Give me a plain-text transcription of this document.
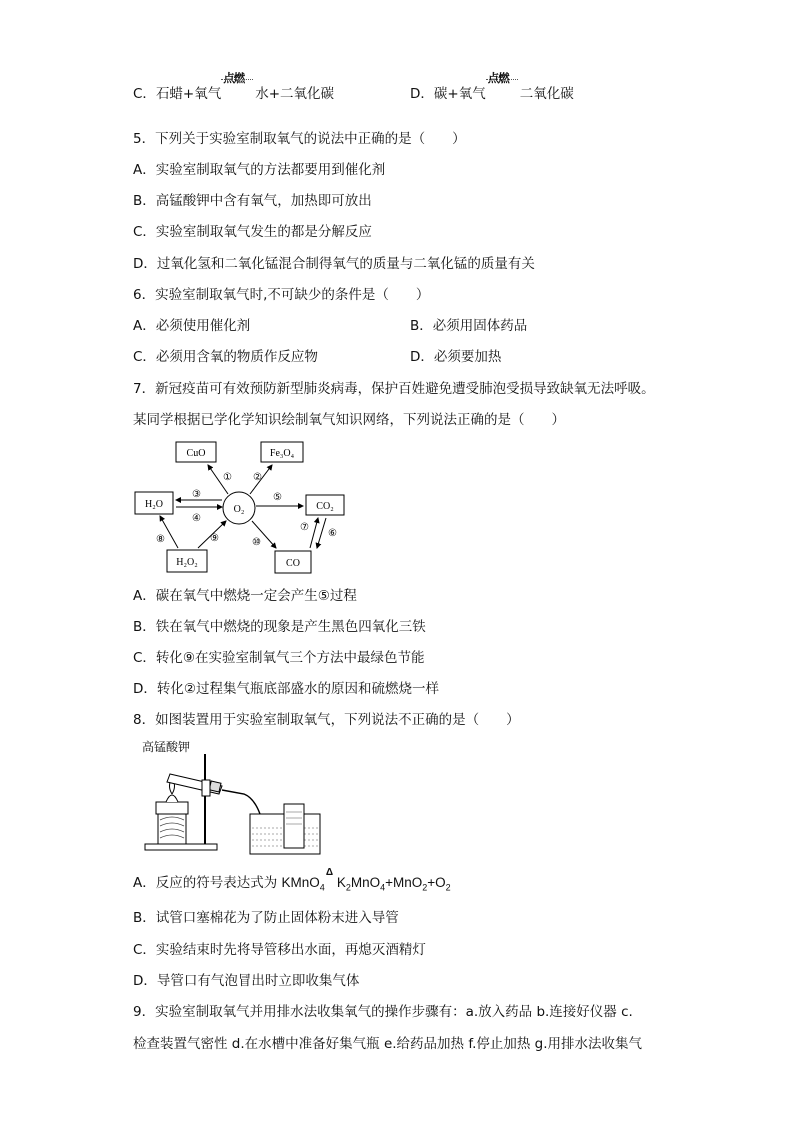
C．石蜡+氧气
点燃
水+二氧化碳	D．碳+氧气
点燃
二氧化碳
5．下列关于实验室制取氧气的说法中正确的是（　　）
A．实验室制取氧气的方法都要用到催化剂
B．高锰酸钾中含有氧气，加热即可放出
C．实验室制取氧气发生的都是分解反应
D．过氧化氢和二氧化锰混合制得氧气的质量与二氧化锰的质量有关
6．实验室制取氧气时,不可缺少的条件是（　　）
A．必须使用催化剂	B．必须用固体药品
C．必须用含氧的物质作反应物	D．必须要加热
7．新冠疫苗可有效预防新型肺炎病毒，保护百姓避免遭受肺泡受损导致缺氧无法呼吸。
某同学根据已学化学知识绘制氧气知识网络，下列说法正确的是（　　）
CuO	Fe₃O₄
H₂O	O₂	CO₂
H₂O₂	CO
① ②
③
④
⑤
⑥
⑦
⑧	⑨	⑩
A．碳在氧气中燃烧一定会产生⑤过程
B．铁在氧气中燃烧的现象是产生黑色四氧化三铁
C．转化⑨在实验室制氧气三个方法中最绿色节能
D．转化②过程集气瓶底部盛水的原因和硫燃烧一样
8．如图装置用于实验室制取氧气，下列说法不正确的是（　　）
高锰酸钾
A．反应的符号表达式为 KMnO$_4$
Δ
$K_2MnO_4+MnO_2+O_2$
B．试管口塞棉花为了防止固体粉末进入导管
C．实验结束时先将导管移出水面，再熄灭酒精灯
D．导管口有气泡冒出时立即收集气体
9．实验室制取氧气并用排水法收集氧气的操作步骤有：a.放入药品 b.连接好仪器 c.
检查装置气密性 d.在水槽中准备好集气瓶 e.给药品加热 f.停止加热 g.用排水法收集气
